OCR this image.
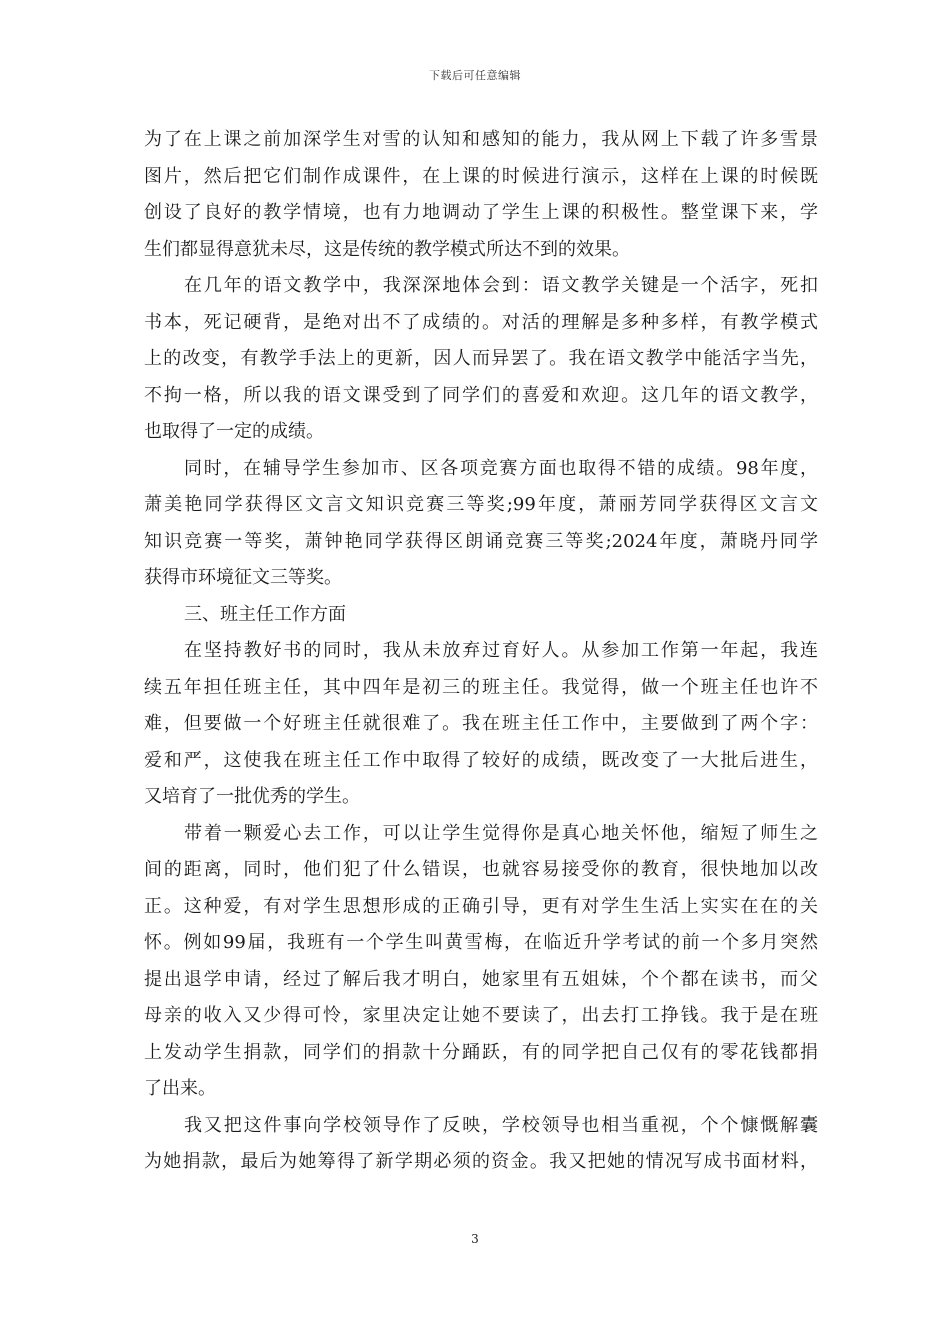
下载后可任意编辑
为了在上课之前加深学生对雪的认知和感知的能力，我从网上下载了许多雪景
图片，然后把它们制作成课件，在上课的时候进行演示，这样在上课的时候既
创设了良好的教学情境，也有力地调动了学生上课的积极性。整堂课下来，学
生们都显得意犹未尽，这是传统的教学模式所达不到的效果。
在几年的语文教学中，我深深地体会到：语文教学关键是一个活字，死扣
书本，死记硬背，是绝对出不了成绩的。对活的理解是多种多样，有教学模式
上的改变，有教学手法上的更新，因人而异罢了。我在语文教学中能活字当先，
不拘一格，所以我的语文课受到了同学们的喜爱和欢迎。这几年的语文教学，
也取得了一定的成绩。
同时，在辅导学生参加市、区各项竞赛方面也取得不错的成绩。98年度，
萧美艳同学获得区文言文知识竞赛三等奖;99年度，萧丽芳同学获得区文言文
知识竞赛一等奖，萧钟艳同学获得区朗诵竞赛三等奖;2024年度，萧晓丹同学
获得市环境征文三等奖。
三、班主任工作方面
在坚持教好书的同时，我从未放弃过育好人。从参加工作第一年起，我连
续五年担任班主任，其中四年是初三的班主任。我觉得，做一个班主任也许不
难，但要做一个好班主任就很难了。我在班主任工作中，主要做到了两个字：
爱和严，这使我在班主任工作中取得了较好的成绩，既改变了一大批后进生，
又培育了一批优秀的学生。
带着一颗爱心去工作，可以让学生觉得你是真心地关怀他，缩短了师生之
间的距离，同时，他们犯了什么错误，也就容易接受你的教育，很快地加以改
正。这种爱，有对学生思想形成的正确引导，更有对学生生活上实实在在的关
怀。例如99届，我班有一个学生叫黄雪梅，在临近升学考试的前一个多月突然
提出退学申请，经过了解后我才明白，她家里有五姐妹，个个都在读书，而父
母亲的收入又少得可怜，家里决定让她不要读了，出去打工挣钱。我于是在班
上发动学生捐款，同学们的捐款十分踊跃，有的同学把自己仅有的零花钱都捐
了出来。
我又把这件事向学校领导作了反映，学校领导也相当重视，个个慷慨解囊
为她捐款，最后为她筹得了新学期必须的资金。我又把她的情况写成书面材料，
3
